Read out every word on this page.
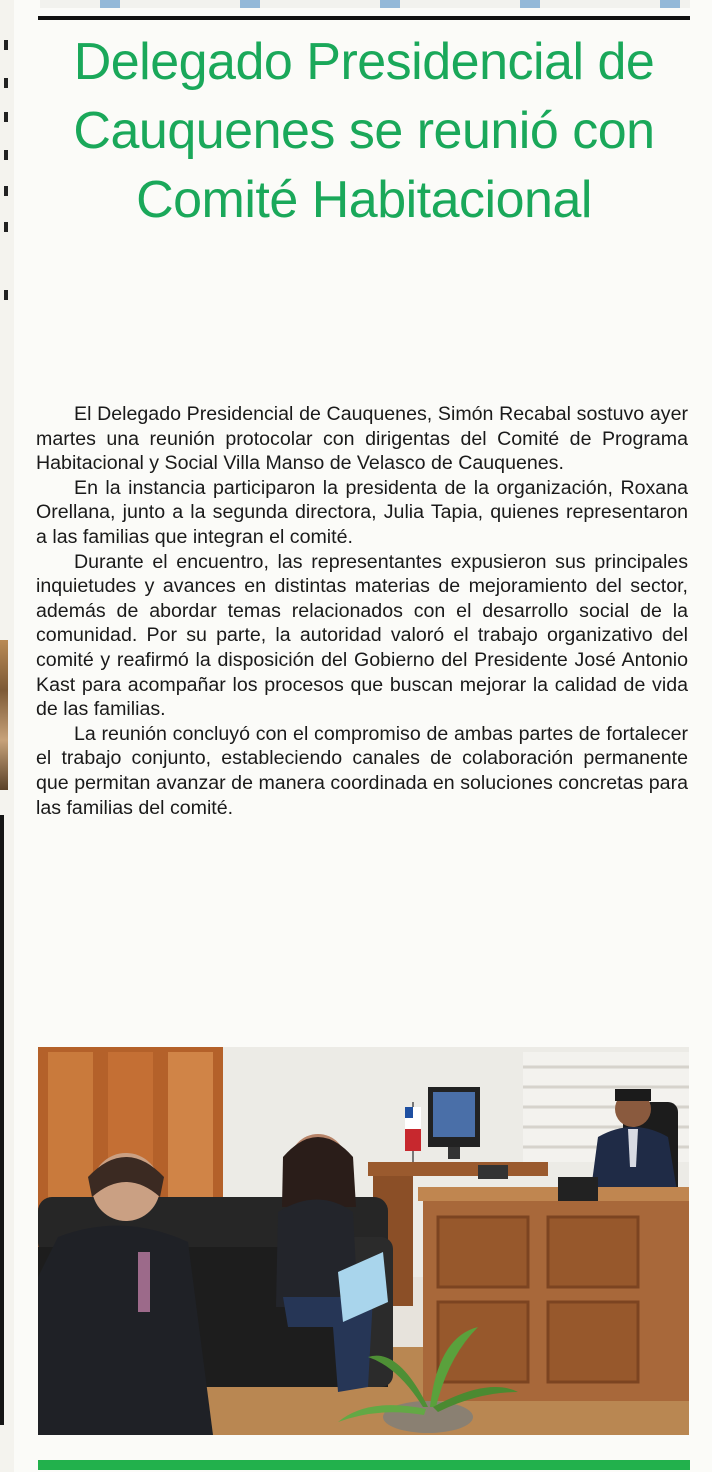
Delegado Presidencial de Cauquenes se reunió con Comité Habitacional

El Delegado Presidencial de Cauquenes, Simón Recabal sostuvo ayer martes una reunión protocolar con dirigentas del Comité de Programa Habitacional y Social Villa Manso de Velasco de Cauquenes.

En la instancia participaron la presidenta de la organización, Roxana Orellana, junto a la segunda directora, Julia Tapia, quienes representaron a las familias que integran el comité.

Durante el encuentro, las representantes expusieron sus principales inquietudes y avances en distintas materias de mejoramiento del sector, además de abordar temas relacionados con el desarrollo social de la comunidad. Por su parte, la autoridad valoró el trabajo organizativo del comité y reafirmó la disposición del Gobierno del Presidente José Antonio Kast para acompañar los procesos que buscan mejorar la calidad de vida de las familias.

La reunión concluyó con el compromiso de ambas partes de fortalecer el trabajo conjunto, estableciendo canales de colaboración permanente que permitan avanzar de manera coordinada en soluciones concretas para las familias del comité.
